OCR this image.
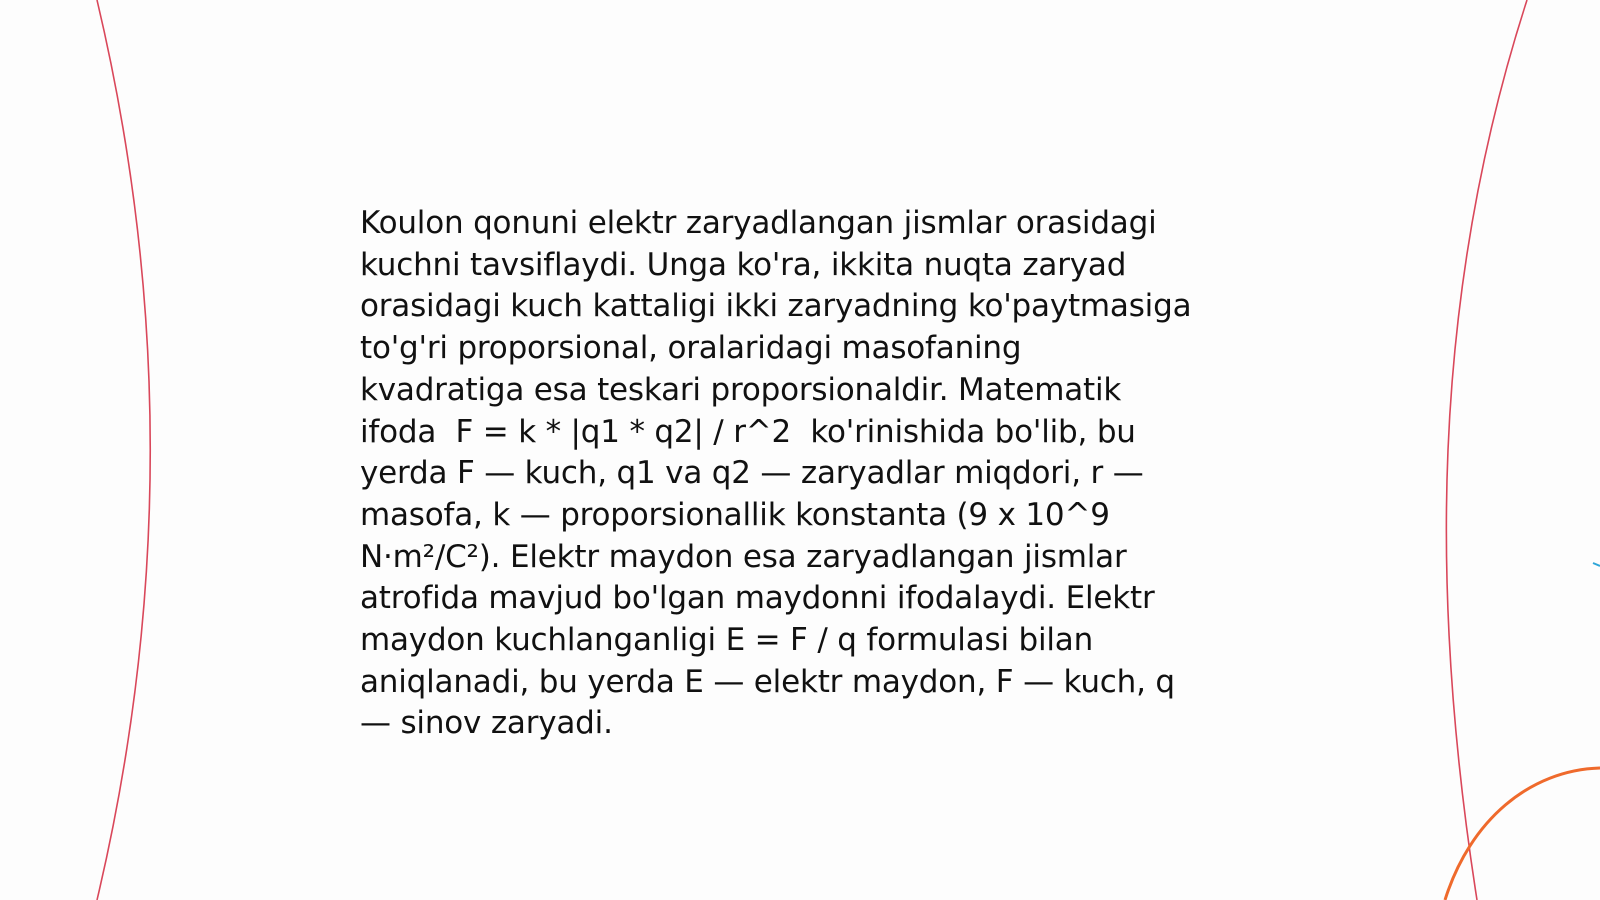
Koulon qonuni elektr zaryadlangan jismlar orasidagi
kuchni tavsiflaydi. Unga ko'ra, ikkita nuqta zaryad
orasidagi kuch kattaligi ikki zaryadning ko'paytmasiga
to'g'ri proporsional, oralaridagi masofaning
kvadratiga esa teskari proporsionaldir. Matematik
ifoda  F = k * |q1 * q2| / r^2  ko'rinishida bo'lib, bu
yerda F — kuch, q1 va q2 — zaryadlar miqdori, r —
masofa, k — proporsionallik konstanta (9 x 10^9
N·m²/C²). Elektr maydon esa zaryadlangan jismlar
atrofida mavjud bo'lgan maydonni ifodalaydi. Elektr
maydon kuchlanganligi E = F / q formulasi bilan
aniqlanadi, bu yerda E — elektr maydon, F — kuch, q
— sinov zaryadi.
